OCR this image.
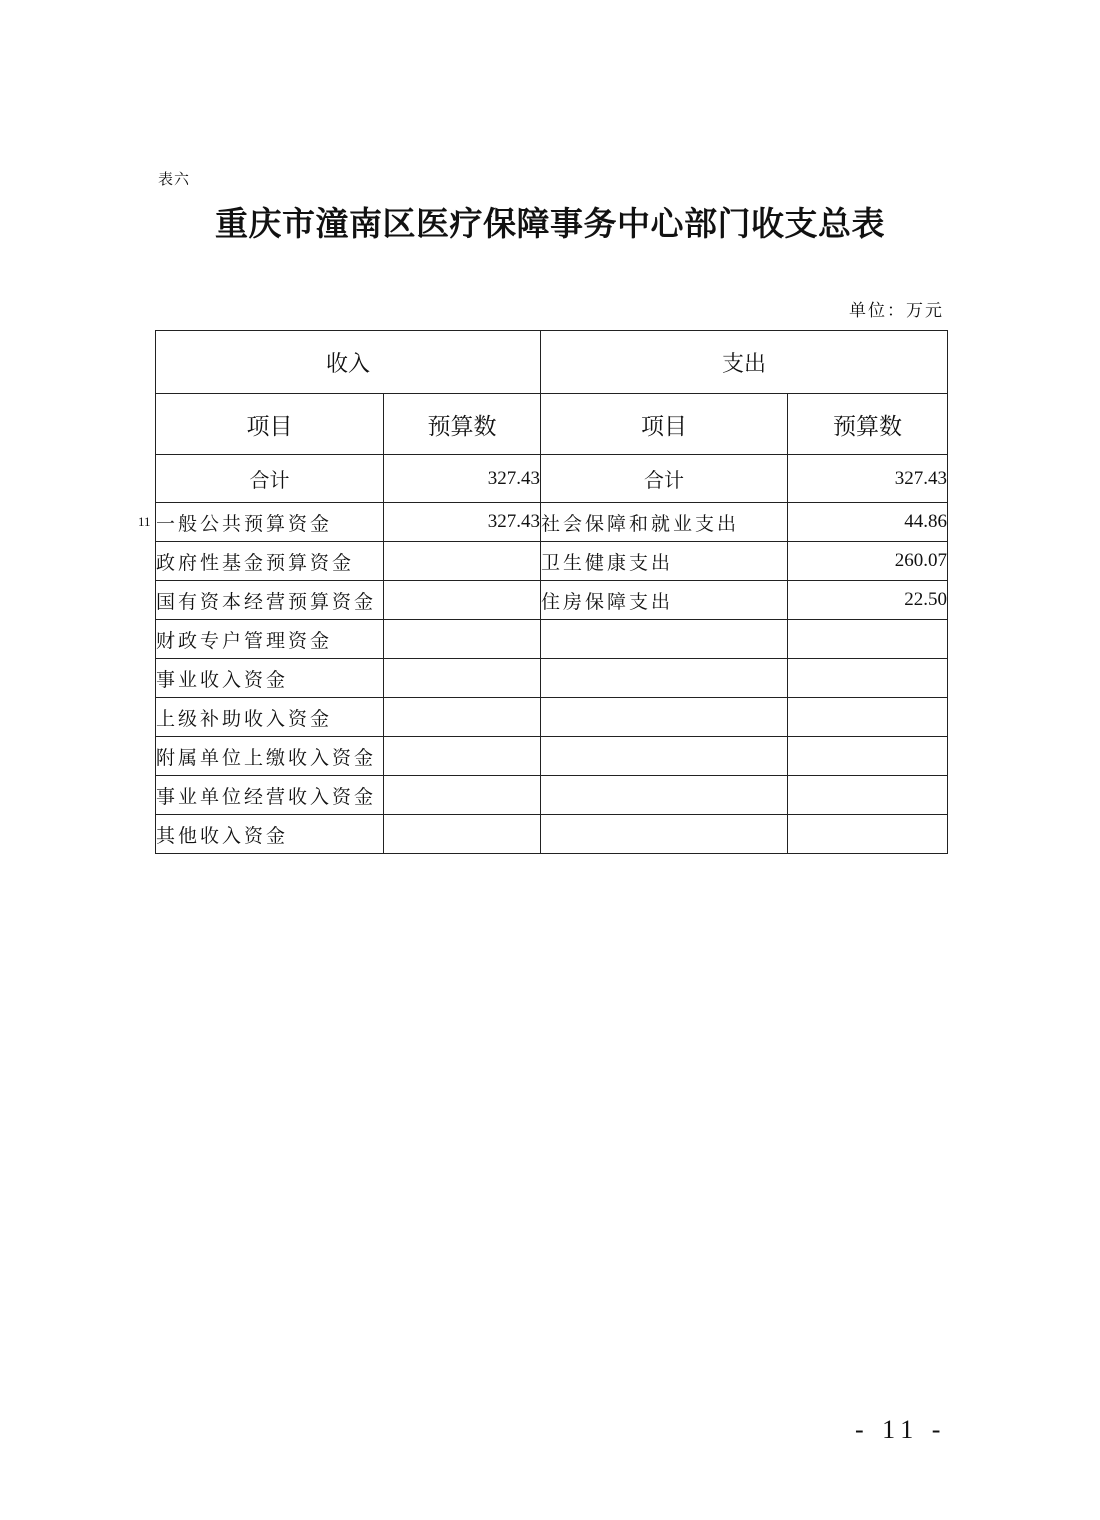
表六
重庆市潼南区医疗保障事务中心部门收支总表
单位：万元
收入		支出	
项目	预算数	项目	预算数
合计	327.43	合计	327.43

11 一般公共预算资金	327.43	社会保障和就业支出	44.86
政府性基金预算资金		卫生健康支出	260.07
国有资本经营预算资金		住房保障支出	22.50
财政专户管理资金			
事业收入资金			
上级补助收入资金			
附属单位上缴收入资金			
事业单位经营收入资金			
其他收入资金			
- 11 -
